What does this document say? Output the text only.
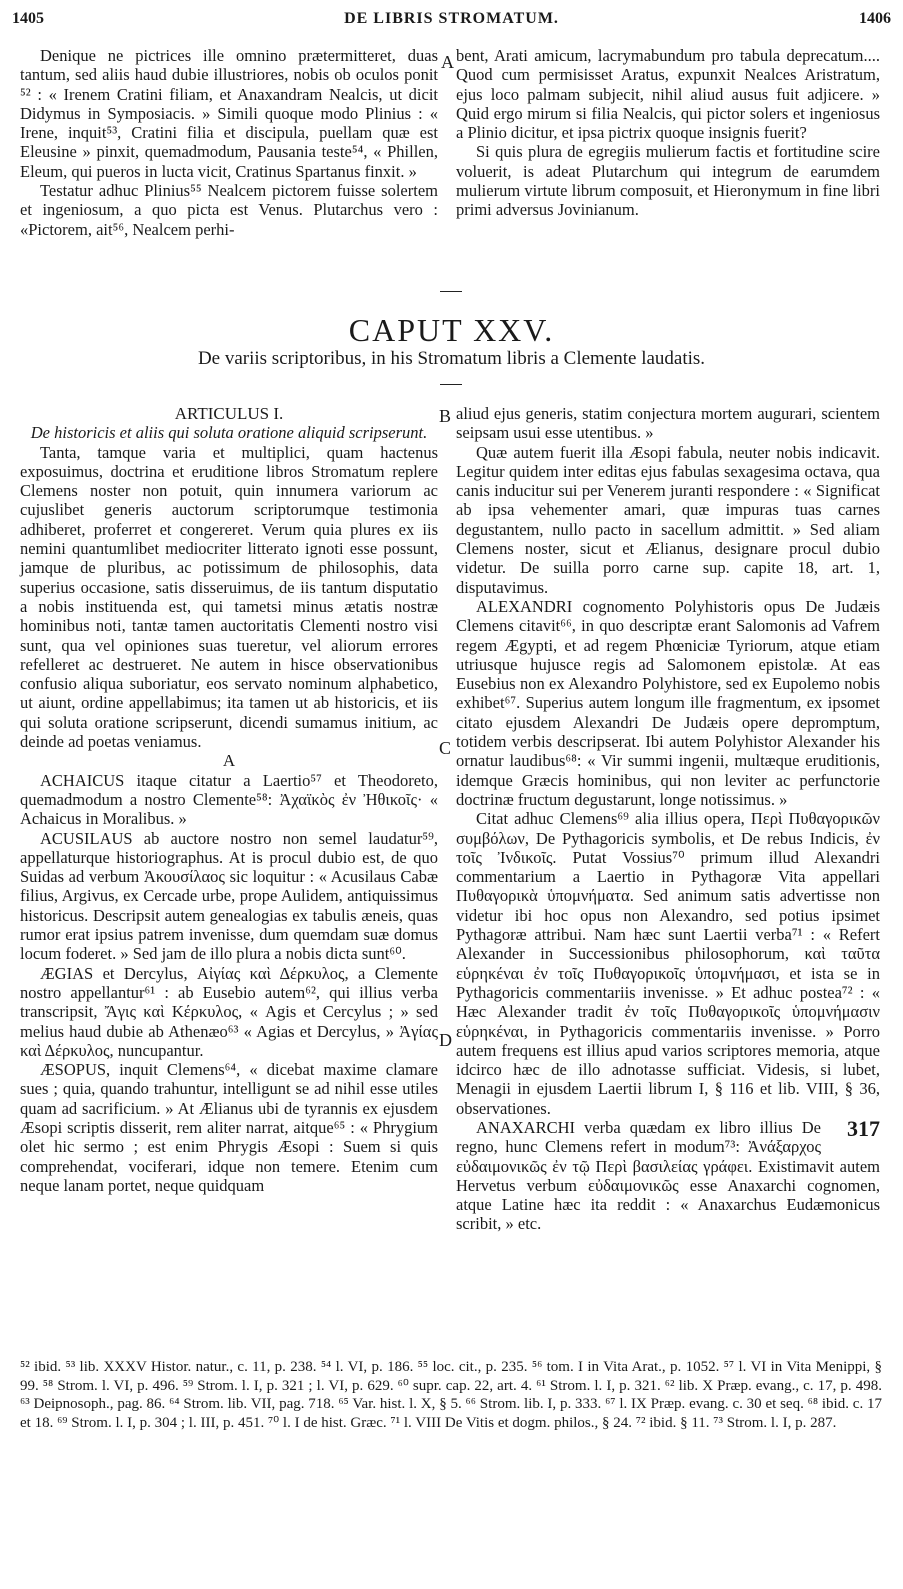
1405	DE LIBRIS STROMATUM.	1406

Denique ne pictrices ille omnino prætermitteret, duas tantum, sed aliis haud dubie illustriores, nobis ob oculos ponit ⁵² : « Irenem Cratini filiam, et Anaxandram Nealcis, ut dicit Didymus in Symposiacis. » Simili quoque modo Plinius : « Irene, inquit⁵³, Cratini filia et discipula, puellam quæ est Eleusine » pinxit, quemadmodum, Pausania teste⁵⁴, « Phillen, Eleum, qui pueros in lucta vicit, Cratinus Spartanus finxit. »

Testatur adhuc Plinius⁵⁵ Nealcem pictorem fuisse solertem et ingeniosum, a quo picta est Venus. Plutarchus vero : «Pictorem, ait⁵⁶, Nealcem perhi-

A bent, Arati amicum, lacrymabundum pro tabula deprecatum.... Quod cum permisisset Aratus, expunxit Nealces Aristratum, ejus loco palmam subjecit, nihil aliud ausus fuit adjicere. » Quid ergo mirum si filia Nealcis, qui pictor solers et ingeniosus a Plinio dicitur, et ipsa pictrix quoque insignis fuerit?

Si quis plura de egregiis mulierum factis et fortitudine scire voluerit, is adeat Plutarchum qui integrum de earumdem mulierum virtute librum composuit, et Hieronymum in fine libri primi adversus Jovinianum.

CAPUT XXV.
De variis scriptoribus, in his Stromatum libris a Clemente laudatis.
ARTICULUS I.
De historicis et aliis qui soluta oratione aliquid scripserunt.

Tanta, tamque varia et multiplici, quam hactenus exposuimus, doctrina et eruditione libros Stromatum replere Clemens noster non potuit, quin innumera variorum ac cujuslibet generis auctorum scriptorumque testimonia adhiberet, proferret et congereret. Verum quia plures ex iis nemini quantumlibet mediocriter litterato ignoti esse possunt, jamque de pluribus, ac potissimum de philosophis, data superius occasione, satis disseruimus, de iis tantum disputatio a nobis instituenda est, qui tametsi minus ætatis nostræ hominibus noti, tantæ tamen auctoritatis Clementi nostro visi sunt, qua vel opiniones suas tueretur, vel aliorum errores refelleret ac destrueret. Ne autem in hisce observationibus confusio aliqua suboriatur, eos servato nominum alphabetico, ut aiunt, ordine appellabimus; ita tamen ut ab historicis, et iis qui soluta oratione scripserunt, dicendi sumamus initium, ac deinde ad poetas veniamus.

A

ACHAICUS itaque citatur a Laertio⁵⁷ et Theodoreto, quemadmodum a nostro Clemente⁵⁸: Ἀχαϊκὸς ἐν Ἠθικοῖς· « Achaicus in Moralibus. »

ACUSILAUS ab auctore nostro non semel laudatur⁵⁹, appellaturque historiographus. At is procul dubio est, de quo Suidas ad verbum Ἀκουσίλαος sic loquitur : « Acusilaus Cabæ filius, Argivus, ex Cercade urbe, prope Aulidem, antiquissimus historicus. Descripsit autem genealogias ex tabulis æneis, quas rumor erat ipsius patrem invenisse, dum quemdam suæ domus locum foderet. » Sed jam de illo plura a nobis dicta sunt⁶⁰.

ÆGIAS et Dercylus, Αἰγίας καὶ Δέρκυλος, a Clemente nostro appellantur⁶¹ : ab Eusebio autem⁶², qui illius verba transcripsit, Ἄγις καὶ Κέρκυλος, « Agis et Cercylus ; » sed melius haud dubie ab Athenæo⁶³ « Agias et Dercylus, » Ἀγίας καὶ Δέρκυλος, nuncupantur.

ÆSOPUS, inquit Clemens⁶⁴, « dicebat maxime clamare sues ; quia, quando trahuntur, intelligunt se ad nihil esse utiles quam ad sacrificium. » At Ælianus ubi de tyrannis ex ejusdem Æsopi scriptis disserit, rem aliter narrat, aitque⁶⁵ : « Phrygium olet hic sermo ; est enim Phrygis Æsopi : Suem si quis comprehendat, vociferari, idque non temere. Etenim cum neque lanam portet, neque quidquam

B
C
D

aliud ejus generis, statim conjectura mortem augurari, scientem seipsam usui esse utentibus. »

Quæ autem fuerit illa Æsopi fabula, neuter nobis indicavit. Legitur quidem inter editas ejus fabulas sexagesima octava, qua canis inducitur sui per Venerem juranti respondere : « Significat ab ipsa vehementer amari, quæ impuras tuas carnes degustantem, nullo pacto in sacellum admittit. » Sed aliam Clemens noster, sicut et Ælianus, designare procul dubio videtur. De suilla porro carne sup. capite 18, art. 1, disputavimus.

ALEXANDRI cognomento Polyhistoris opus De Judæis Clemens citavit⁶⁶, in quo descriptæ erant Salomonis ad Vafrem regem Ægypti, et ad regem Phœniciæ Tyriorum, atque etiam utriusque hujusce regis ad Salomonem epistolæ. At eas Eusebius non ex Alexandro Polyhistore, sed ex Eupolemo nobis exhibet⁶⁷. Superius autem longum ille fragmentum, ex ipsomet citato ejusdem Alexandri De Judæis opere depromptum, totidem verbis descripserat. Ibi autem Polyhistor Alexander his ornatur laudibus⁶⁸: « Vir summi ingenii, multæque eruditionis, idemque Græcis hominibus, qui non leviter ac perfunctorie doctrinæ fructum degustarunt, longe notissimus. »

Citat adhuc Clemens⁶⁹ alia illius opera, Περὶ Πυθαγορικῶν συμβόλων, De Pythagoricis symbolis, et De rebus Indicis, ἐν τοῖς Ἰνδικοῖς. Putat Vossius⁷⁰ primum illud Alexandri commentarium a Laertio in Pythagoræ Vita appellari Πυθαγορικὰ ὑπομνήματα. Sed animum satis advertisse non videtur ibi hoc opus non Alexandro, sed potius ipsimet Pythagoræ attribui. Nam hæc sunt Laertii verba⁷¹ : « Refert Alexander in Successionibus philosophorum, καὶ ταῦτα εὑρηκέναι ἐν τοῖς Πυθαγορικοῖς ὑπομνήμασι, et ista se in Pythagoricis commentariis invenisse. » Et adhuc postea⁷² : « Hæc Alexander tradit ἐν τοῖς Πυθαγορικοῖς ὑπομνήμασιν εὑρηκέναι, in Pythagoricis commentariis invenisse. » Porro autem frequens est illius apud varios scriptores memoria, atque idcirco hæc de illo adnotasse sufficiat. Videsis, si lubet, Menagii in ejusdem Laertii librum I, § 116 et lib. VIII, § 36, observationes.

317
ANAXARCHI verba quædam ex libro illius De regno, hunc Clemens refert in modum⁷³: Ἀνάξαρχος εὐδαιμονικῶς ἐν τῷ Περὶ βασιλείας γράφει. Existimavit autem Hervetus verbum εὐδαιμονικῶς esse Anaxarchi cognomen, atque Latine hæc ita reddit : « Anaxarchus Eudæmonicus scribit, » etc.

⁵² ibid. ⁵³ lib. XXXV Histor. natur., c. 11, p. 238. ⁵⁴ l. VI, p. 186. ⁵⁵ loc. cit., p. 235. ⁵⁶ tom. I in Vita Arat., p. 1052. ⁵⁷ l. VI in Vita Menippi, § 99. ⁵⁸ Strom. l. VI, p. 496. ⁵⁹ Strom. l. I, p. 321 ; l. VI, p. 629. ⁶⁰ supr. cap. 22, art. 4. ⁶¹ Strom. l. I, p. 321. ⁶² lib. X Præp. evang., c. 17, p. 498. ⁶³ Deipnosoph., pag. 86. ⁶⁴ Strom. lib. VII, pag. 718. ⁶⁵ Var. hist. l. X, § 5. ⁶⁶ Strom. lib. I, p. 333. ⁶⁷ l. IX Præp. evang. c. 30 et seq. ⁶⁸ ibid. c. 17 et 18. ⁶⁹ Strom. l. I, p. 304 ; l. III, p. 451. ⁷⁰ l. I de hist. Græc. ⁷¹ l. VIII De Vitis et dogm. philos., § 24. ⁷² ibid. § 11. ⁷³ Strom. l. I, p. 287.
